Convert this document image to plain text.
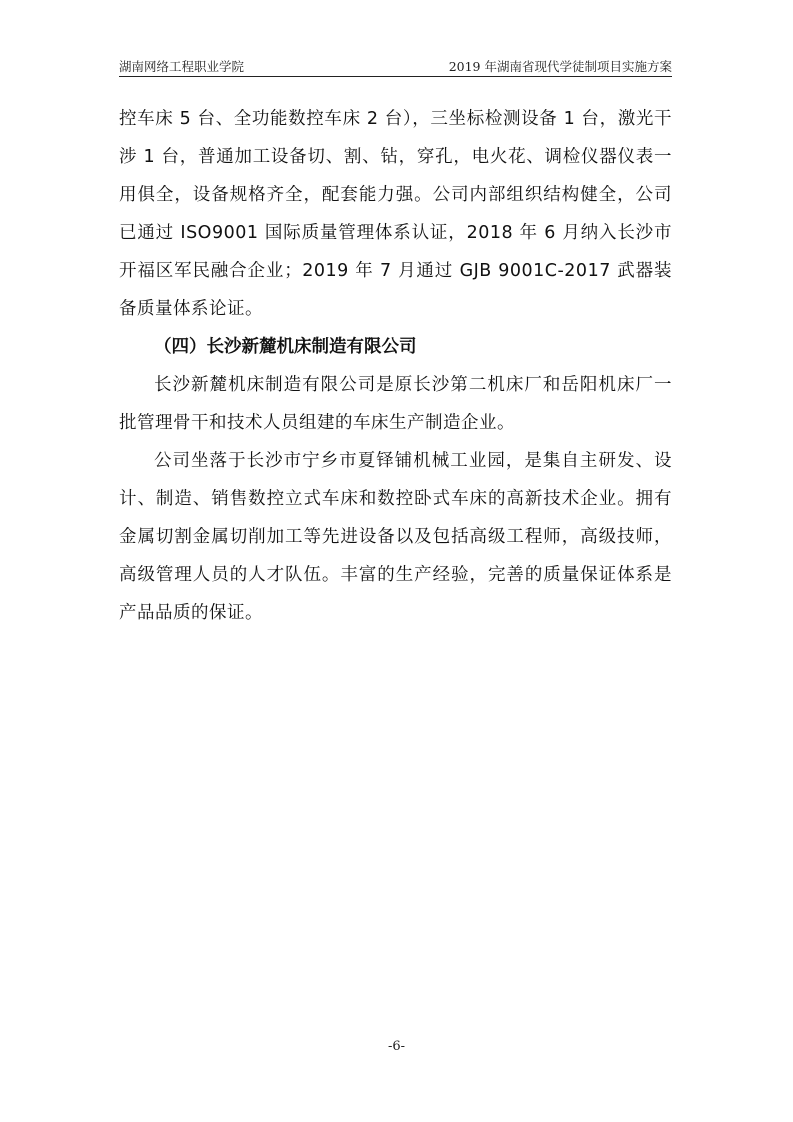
湖南网络工程职业学院	2019 年湖南省现代学徒制项目实施方案

控车床 5 台、全功能数控车床 2 台），三坐标检测设备 1 台，激光干涉 1 台，普通加工设备切、割、钻，穿孔，电火花、调检仪器仪表一用俱全，设备规格齐全，配套能力强。公司内部组织结构健全，公司已通过 ISO9001 国际质量管理体系认证，2018 年 6 月纳入长沙市开福区军民融合企业；2019 年 7 月通过 GJB 9001C-2017 武器装备质量体系论证。

（四）长沙新麓机床制造有限公司

长沙新麓机床制造有限公司是原长沙第二机床厂和岳阳机床厂一批管理骨干和技术人员组建的车床生产制造企业。

公司坐落于长沙市宁乡市夏铎铺机械工业园，是集自主研发、设计、制造、销售数控立式车床和数控卧式车床的高新技术企业。拥有金属切割金属切削加工等先进设备以及包括高级工程师，高级技师，高级管理人员的人才队伍。丰富的生产经验，完善的质量保证体系是产品品质的保证。

-6-
